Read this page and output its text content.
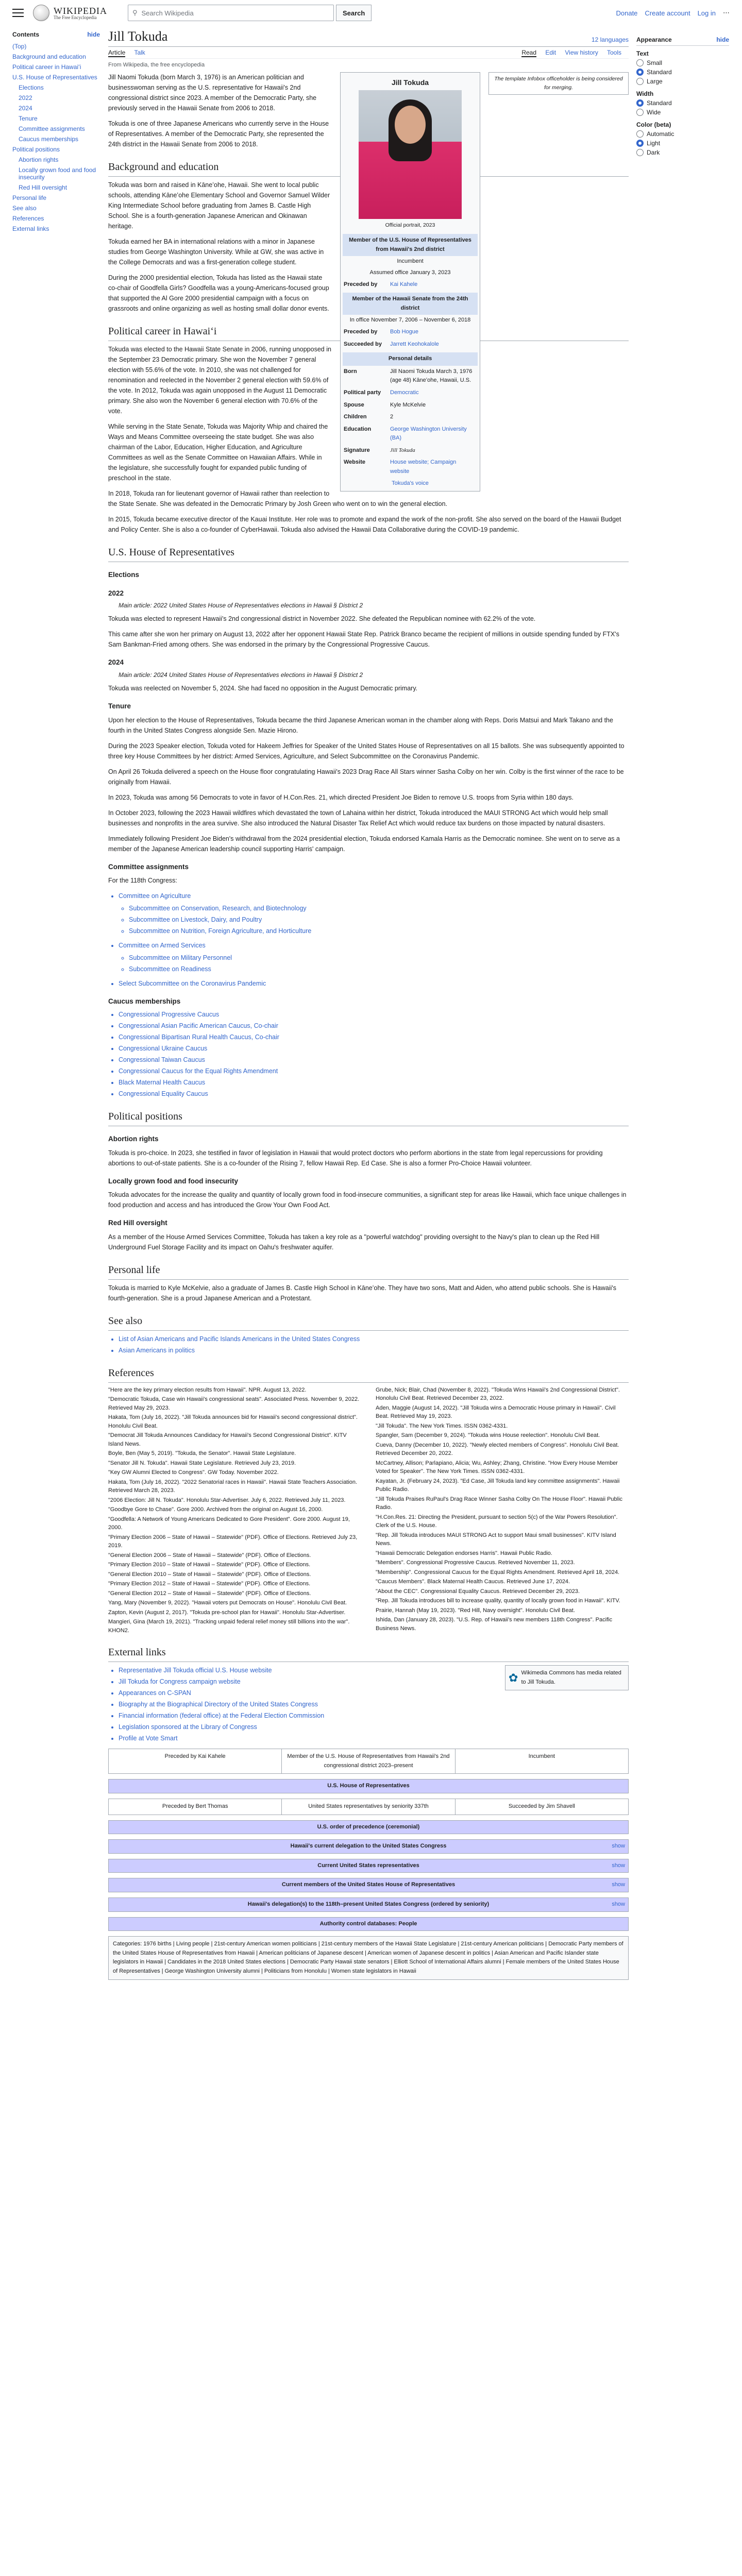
WIKIPEDIA
The Free Encyclopedia
⚲ Search Wikipedia	Search	Donate Create account Log in ⋯
Contents	hide
(Top)
Background and education
Political career in Hawaiʻi
U.S. House of Representatives
Elections
2022
2024
Tenure
Committee assignments
Caucus memberships
Political positions
Abortion rights
Locally grown food and food insecurity
Red Hill oversight
Personal life
See also
References
External links
Jill Tokuda	12 languages
Article Talk	Read Edit View history Tools
From Wikipedia, the free encyclopedia
The template Infobox officeholder is being considered for merging.
Jill Tokuda
Official portrait, 2023
Member of the U.S. House of Representatives from Hawaii's 2nd district
Incumbent
Assumed office January 3, 2023
Preceded by	Kai Kahele
Member of the Hawaii Senate from the 24th district
In office November 7, 2006 – November 6, 2018
Preceded by	Bob Hogue
Succeeded by	Jarrett Keohokalole
Personal details
Born	Jill Naomi Tokuda March 3, 1976 (age 48) Kāneʻohe, Hawaii, U.S.
Political party	Democratic
Spouse	Kyle McKelvie
Children	2
Education	George Washington University (BA)
Signature	Jill Tokuda
Website	House website; Campaign website
Tokuda's voice

Jill Naomi Tokuda (born March 3, 1976) is an American politician and businesswoman serving as the U.S. representative for Hawaii's 2nd congressional district since 2023. A member of the Democratic Party, she previously served in the Hawaii Senate from 2006 to 2018.

Tokuda is one of three Japanese Americans who currently serve in the House of Representatives. A member of the Democratic Party, she represented the 24th district in the Hawaii Senate from 2006 to 2018.

Background and education

Tokuda was born and raised in Kāneʻohe, Hawaii. She went to local public schools, attending Kāneʻohe Elementary School and Governor Samuel Wilder King Intermediate School before graduating from James B. Castle High School. She is a fourth-generation Japanese American and Okinawan heritage.

Tokuda earned her BA in international relations with a minor in Japanese studies from George Washington University. While at GW, she was active in the College Democrats and was a first-generation college student.

During the 2000 presidential election, Tokuda has listed as the Hawaii state co-chair of Goodfella Girls? Goodfella was a young-Americans-focused group that supported the Al Gore 2000 presidential campaign with a focus on grassroots and online organizing as well as hosting small dollar donor events.

Political career in Hawaiʻi

Tokuda was elected to the Hawaii State Senate in 2006, running unopposed in the September 23 Democratic primary. She won the November 7 general election with 55.6% of the vote. In 2010, she was not challenged for renomination and reelected in the November 2 general election with 59.6% of the vote. In 2012, Tokuda was again unopposed in the August 11 Democratic primary. She also won the November 6 general election with 70.6% of the vote.

While serving in the State Senate, Tokuda was Majority Whip and chaired the Ways and Means Committee overseeing the state budget. She was also chairman of the Labor, Education, Higher Education, and Agriculture Committees as well as the Senate Committee on Hawaiian Affairs. While in the legislature, she successfully fought for expanded public funding of preschool in the state.

In 2018, Tokuda ran for lieutenant governor of Hawaii rather than reelection to the State Senate. She was defeated in the Democratic Primary by Josh Green who went on to win the general election.

In 2015, Tokuda became executive director of the Kauai Institute. Her role was to promote and expand the work of the non-profit. She also served on the board of the Hawaii Budget and Policy Center. She is also a co-founder of CyberHawaii. Tokuda also advised the Hawaii Data Collaborative during the COVID-19 pandemic.

U.S. House of Representatives
Elections
2022
Main article: 2022 United States House of Representatives elections in Hawaii § District 2

Tokuda was elected to represent Hawaii's 2nd congressional district in November 2022. She defeated the Republican nominee with 62.2% of the vote.

This came after she won her primary on August 13, 2022 after her opponent Hawaii State Rep. Patrick Branco became the recipient of millions in outside spending funded by FTX's Sam Bankman-Fried among others. She was endorsed in the primary by the Congressional Progressive Caucus.

2024
Main article: 2024 United States House of Representatives elections in Hawaii § District 2

Tokuda was reelected on November 5, 2024. She had faced no opposition in the August Democratic primary.

Tenure

Upon her election to the House of Representatives, Tokuda became the third Japanese American woman in the chamber along with Reps. Doris Matsui and Mark Takano and the fourth in the United States Congress alongside Sen. Mazie Hirono.

During the 2023 Speaker election, Tokuda voted for Hakeem Jeffries for Speaker of the United States House of Representatives on all 15 ballots. She was subsequently appointed to three key House Committees by her district: Armed Services, Agriculture, and Select Subcommittee on the Coronavirus Pandemic.

On April 26 Tokuda delivered a speech on the House floor congratulating Hawaii's 2023 Drag Race All Stars winner Sasha Colby on her win. Colby is the first winner of the race to be originally from Hawaii.

In 2023, Tokuda was among 56 Democrats to vote in favor of H.Con.Res. 21, which directed President Joe Biden to remove U.S. troops from Syria within 180 days.

In October 2023, following the 2023 Hawaii wildfires which devastated the town of Lahaina within her district, Tokuda introduced the MAUI STRONG Act which would help small businesses and nonprofits in the area survive. She also introduced the Natural Disaster Tax Relief Act which would reduce tax burdens on those impacted by natural disasters.

Immediately following President Joe Biden's withdrawal from the 2024 presidential election, Tokuda endorsed Kamala Harris as the Democratic nominee. She went on to serve as a member of the Japanese American leadership council supporting Harris' campaign.

Committee assignments

For the 118th Congress:

• Committee on Agriculture
◦ Subcommittee on Conservation, Research, and Biotechnology
◦ Subcommittee on Livestock, Dairy, and Poultry
◦ Subcommittee on Nutrition, Foreign Agriculture, and Horticulture
• Committee on Armed Services
◦ Subcommittee on Military Personnel
◦ Subcommittee on Readiness
• Select Subcommittee on the Coronavirus Pandemic
Caucus memberships
• Congressional Progressive Caucus
• Congressional Asian Pacific American Caucus, Co-chair
• Congressional Bipartisan Rural Health Caucus, Co-chair
• Congressional Ukraine Caucus
• Congressional Taiwan Caucus
• Congressional Caucus for the Equal Rights Amendment
• Black Maternal Health Caucus
• Congressional Equality Caucus
Political positions
Abortion rights

Tokuda is pro-choice. In 2023, she testified in favor of legislation in Hawaii that would protect doctors who perform abortions in the state from legal repercussions for providing abortions to out-of-state patients. She is a co-founder of the Rising 7, fellow Hawaii Rep. Ed Case. She is also a former Pro-Choice Hawaii volunteer.

Locally grown food and food insecurity

Tokuda advocates for the increase the quality and quantity of locally grown food in food-insecure communities, a significant step for areas like Hawaii, which face unique challenges in food production and access and has introduced the Grow Your Own Food Act.

Red Hill oversight

As a member of the House Armed Services Committee, Tokuda has taken a key role as a "powerful watchdog" providing oversight to the Navy's plan to clean up the Red Hill Underground Fuel Storage Facility and its impact on Oahu's freshwater aquifer.

Personal life

Tokuda is married to Kyle McKelvie, also a graduate of James B. Castle High School in Kāneʻohe. They have two sons, Matt and Aiden, who attend public schools. She is Hawaii's fourth-generation. She is a proud Japanese American and a Protestant.

See also
• List of Asian Americans and Pacific Islands Americans in the United States Congress
• Asian Americans in politics
References
"Here are the key primary election results from Hawaii". NPR. August 13, 2022.
"Democratic Tokuda, Case win Hawaii's congressional seats". Associated Press. November 9, 2022. Retrieved May 29, 2023.
Hakata, Tom (July 16, 2022). "Jill Tokuda announces bid for Hawaii's second congressional district". Honolulu Civil Beat.
"Democrat Jill Tokuda Announces Candidacy for Hawaii's Second Congressional District". KITV Island News.
Boyle, Ben (May 5, 2019). "Tokuda, the Senator". Hawaii State Legislature.
"Senator Jill N. Tokuda". Hawaii State Legislature. Retrieved July 23, 2019.
"Key GW Alumni Elected to Congress". GW Today. November 2022.
Hakata, Tom (July 16, 2022). "2022 Senatorial races in Hawaii". Hawaii State Teachers Association. Retrieved March 28, 2023.
"2006 Election: Jill N. Tokuda". Honolulu Star-Advertiser. July 6, 2022. Retrieved July 11, 2023.
"Goodbye Gore to Chase". Gore 2000. Archived from the original on August 16, 2000.
"Goodfella: A Network of Young Americans Dedicated to Gore President". Gore 2000. August 19, 2000.
"Primary Election 2006 – State of Hawaii – Statewide" (PDF). Office of Elections. Retrieved July 23, 2019.
"General Election 2006 – State of Hawaii – Statewide" (PDF). Office of Elections.
"Primary Election 2010 – State of Hawaii – Statewide" (PDF). Office of Elections.
"General Election 2010 – State of Hawaii – Statewide" (PDF). Office of Elections.
"Primary Election 2012 – State of Hawaii – Statewide" (PDF). Office of Elections.
"General Election 2012 – State of Hawaii – Statewide" (PDF). Office of Elections.
Yang, Mary (November 9, 2022). "Hawaii voters put Democrats on House". Honolulu Civil Beat.
Zapton, Kevin (August 2, 2017). "Tokuda pre-school plan for Hawaii". Honolulu Star-Advertiser.
Mangieri, Gina (March 19, 2021). "Tracking unpaid federal relief money still billions into the war". KHON2.
Grube, Nick; Blair, Chad (November 8, 2022). "Tokuda Wins Hawaii's 2nd Congressional District". Honolulu Civil Beat. Retrieved December 23, 2022.
Aden, Maggie (August 14, 2022). "Jill Tokuda wins a Democratic House primary in Hawaii". Civil Beat. Retrieved May 19, 2023.
"Jill Tokuda". The New York Times. ISSN 0362-4331.
Spangler, Sam (December 9, 2024). "Tokuda wins House reelection". Honolulu Civil Beat.
Cueva, Danny (December 10, 2022). "Newly elected members of Congress". Honolulu Civil Beat. Retrieved December 20, 2022.
McCartney, Allison; Parlapiano, Alicia; Wu, Ashley; Zhang, Christine. "How Every House Member Voted for Speaker". The New York Times. ISSN 0362-4331.
Kayatan, Jr. (February 24, 2023). "Ed Case, Jill Tokuda land key committee assignments". Hawaii Public Radio.
"Jill Tokuda Praises RuPaul's Drag Race Winner Sasha Colby On The House Floor". Hawaii Public Radio.
"H.Con.Res. 21: Directing the President, pursuant to section 5(c) of the War Powers Resolution". Clerk of the U.S. House.
"Rep. Jill Tokuda introduces MAUI STRONG Act to support Maui small businesses". KITV Island News.
"Hawaii Democratic Delegation endorses Harris". Hawaii Public Radio.
"Members". Congressional Progressive Caucus. Retrieved November 11, 2023.
"Membership". Congressional Caucus for the Equal Rights Amendment. Retrieved April 18, 2024.
"Caucus Members". Black Maternal Health Caucus. Retrieved June 17, 2024.
"About the CEC". Congressional Equality Caucus. Retrieved December 29, 2023.
"Rep. Jill Tokuda introduces bill to increase quality, quantity of locally grown food in Hawaii". KITV.
Prairie, Hannah (May 19, 2023). "Red Hill, Navy oversight". Honolulu Civil Beat.
Ishida, Dan (January 28, 2023). "U.S. Rep. of Hawaii's new members 118th Congress". Pacific Business News.
External links
✿ Wikimedia Commons has media related to Jill Tokuda.
• Representative Jill Tokuda official U.S. House website
• Jill Tokuda for Congress campaign website
• Appearances on C-SPAN
• Biography at the Biographical Directory of the United States Congress
• Financial information (federal office) at the Federal Election Commission
• Legislation sponsored at the Library of Congress
• Profile at Vote Smart
Preceded by Kai Kahele	Member of the U.S. House of Representatives from Hawaii's 2nd congressional district 2023–present
Incumbent
U.S. House of Representatives
Preceded by Bert Thomas	United States representatives by seniority 337th	Succeeded by Jim Shavell
U.S. order of precedence (ceremonial)
Hawaii's current delegation to the United States Congress	show
Current United States representatives	show
Current members of the United States House of Representatives	show
Hawaii's delegation(s) to the 118th–present United States Congress (ordered by seniority)	show
Authority control databases: People
Categories: 1976 births | Living people | 21st-century American women politicians | 21st-century members of the Hawaii State Legislature | 21st-century American politicians | Democratic Party members of the United States House of Representatives from Hawaii | American politicians of Japanese descent | American women of Japanese descent in politics | Asian American and Pacific Islander state legislators in Hawaii | Candidates in the 2018 United States elections | Democratic Party Hawaii state senators | Elliott School of International Affairs alumni | Female members of the United States House of Representatives | George Washington University alumni | Politicians from Honolulu | Women state legislators in Hawaii
Appearance	hide
Text
Small
Standard
Large
Width
Standard
Wide
Color (beta)
Automatic
Light
Dark
